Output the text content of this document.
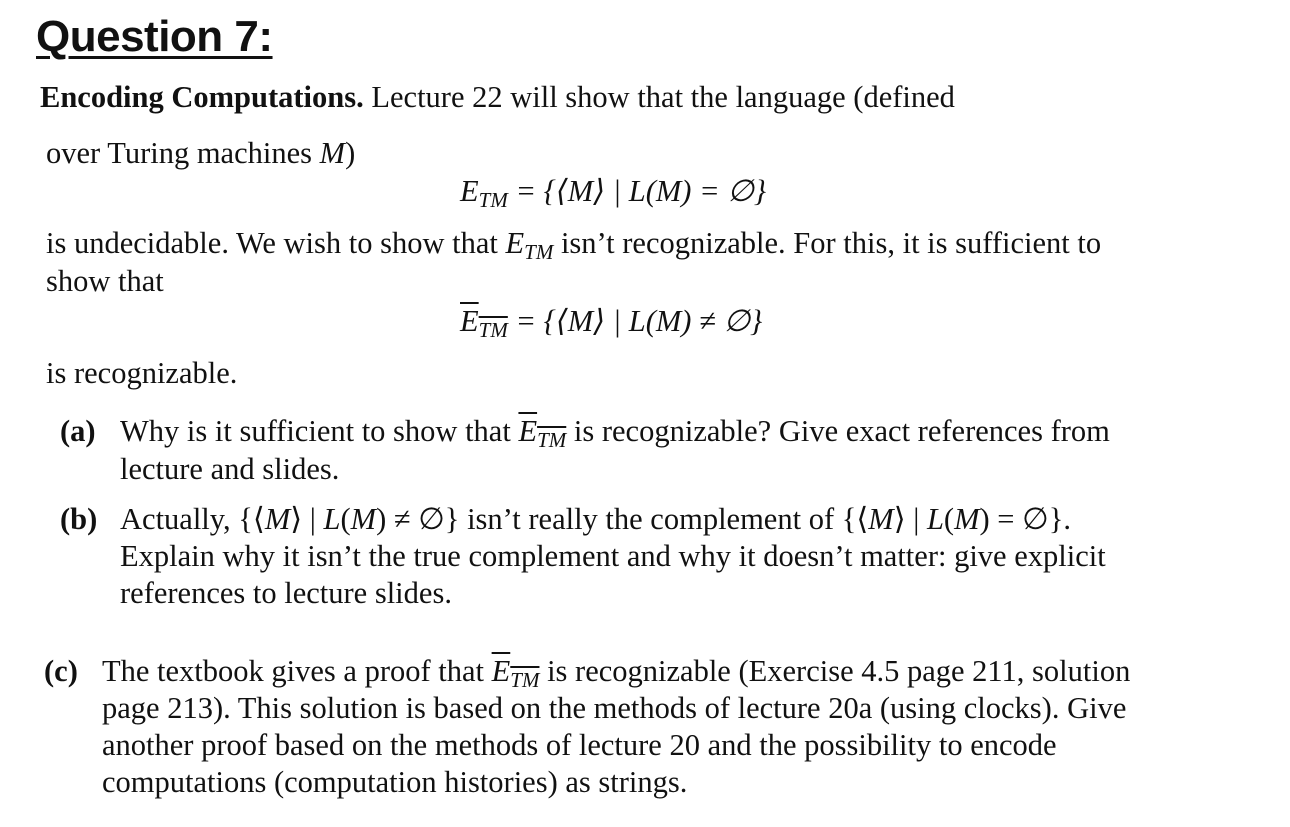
Question 7:
Encoding Computations. Lecture 22 will show that the language (defined
over Turing machines M)
$E_{TM}$ = {⟨M⟩ | L(M) = ∅}
is undecidable. We wish to show that $E_{TM}$ isn’t recognizable. For this, it is sufficient to
show that
$E_{TM}$ = {⟨M⟩ | L(M) ≠ ∅}
is recognizable.
(a) Why is it sufficient to show that $E_{TM}$ is recognizable? Give exact references from
lecture and slides.
(b) Actually, {⟨M⟩ | L(M) ≠ ∅} isn’t really the complement of {⟨M⟩ | L(M) = ∅}.
Explain why it isn’t the true complement and why it doesn’t matter: give explicit
references to lecture slides.
(c) The textbook gives a proof that $E_{TM}$ is recognizable (Exercise 4.5 page 211, solution
page 213). This solution is based on the methods of lecture 20a (using clocks). Give
another proof based on the methods of lecture 20 and the possibility to encode
computations (computation histories) as strings.
